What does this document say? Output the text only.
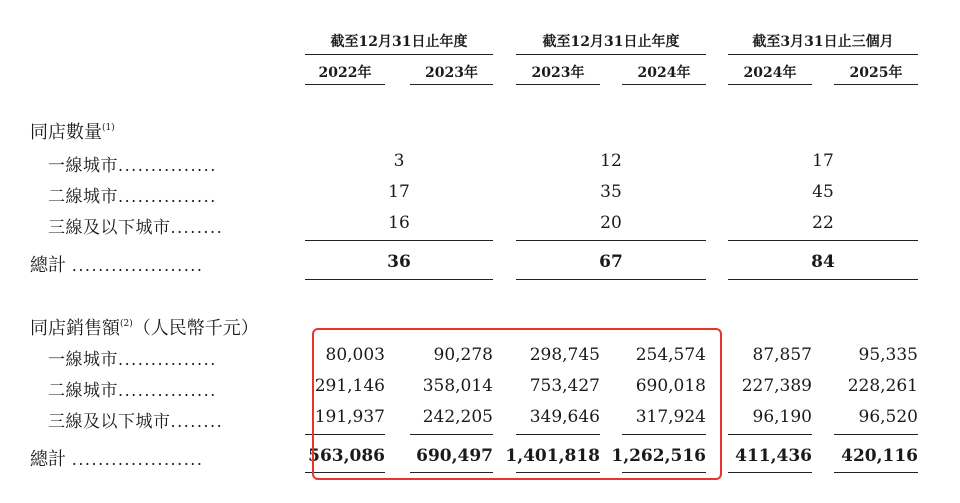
截至12月31日止年度	截至12月31日止年度	截至3月31日止三個月
2022年	2023年	2023年	2024年	2024年	2025年
同店數量$^{(1)}$
一線城市...............	3	12	17
二線城市...............	17	35	45
三線及以下城市........	16	20	22
總計 ....................	36	67	84
同店銷售額$^{(2)}$（人民幣千元）
一線城市...............	80,003	90,278	298,745	254,574	87,857	95,335
二線城市...............	291,146	358,014	753,427	690,018	227,389	228,261
三線及以下城市........	191,937	242,205	349,646	317,924	96,190	96,520
總計 ....................	563,086	690,497 1,401,818 1,262,516	411,436	420,116
